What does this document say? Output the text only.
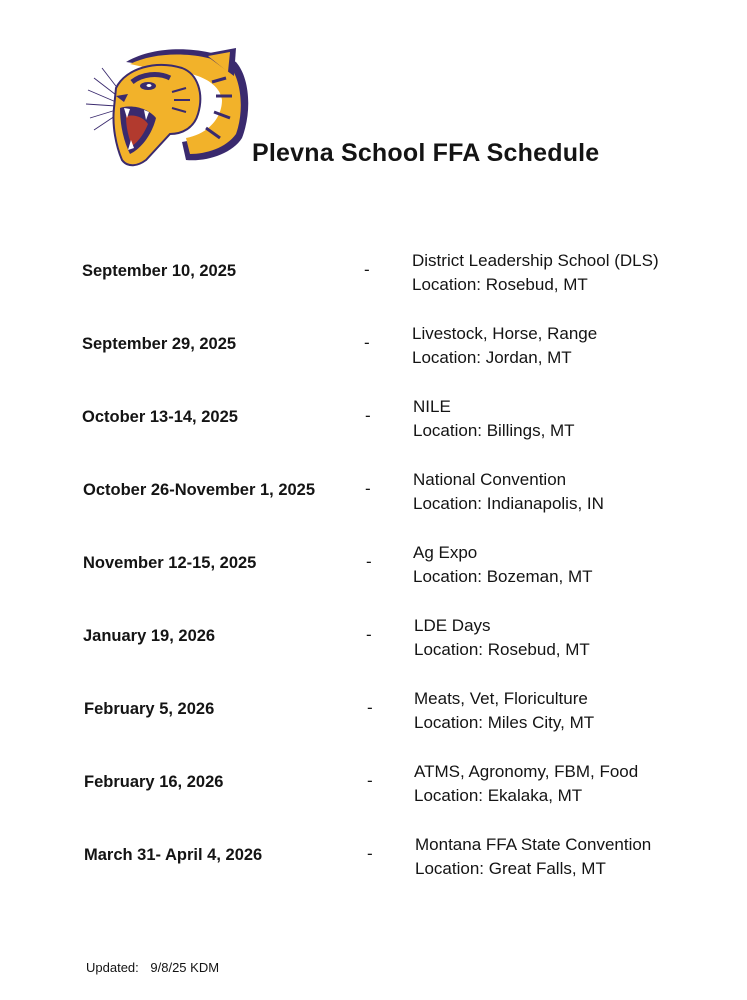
Plevna School FFA Schedule
September 10, 2025	- District Leadership School (DLS)
Location: Rosebud, MT
September 29, 2025	- Livestock, Horse, Range
Location: Jordan, MT
October 13-14, 2025	- NILE
Location: Billings, MT
October 26-November 1, 2025	- National Convention
Location: Indianapolis, IN
November 12-15, 2025	- Ag Expo
Location: Bozeman, MT
January 19, 2026	- LDE Days
Location: Rosebud, MT
February 5, 2026	- Meats, Vet, Floriculture
Location: Miles City, MT
February 16, 2026	- ATMS, Agronomy, FBM, Food
Location: Ekalaka, MT
March 31- April 4, 2026	- Montana FFA State Convention
Location: Great Falls, MT
Updated: 9/8/25 KDM
